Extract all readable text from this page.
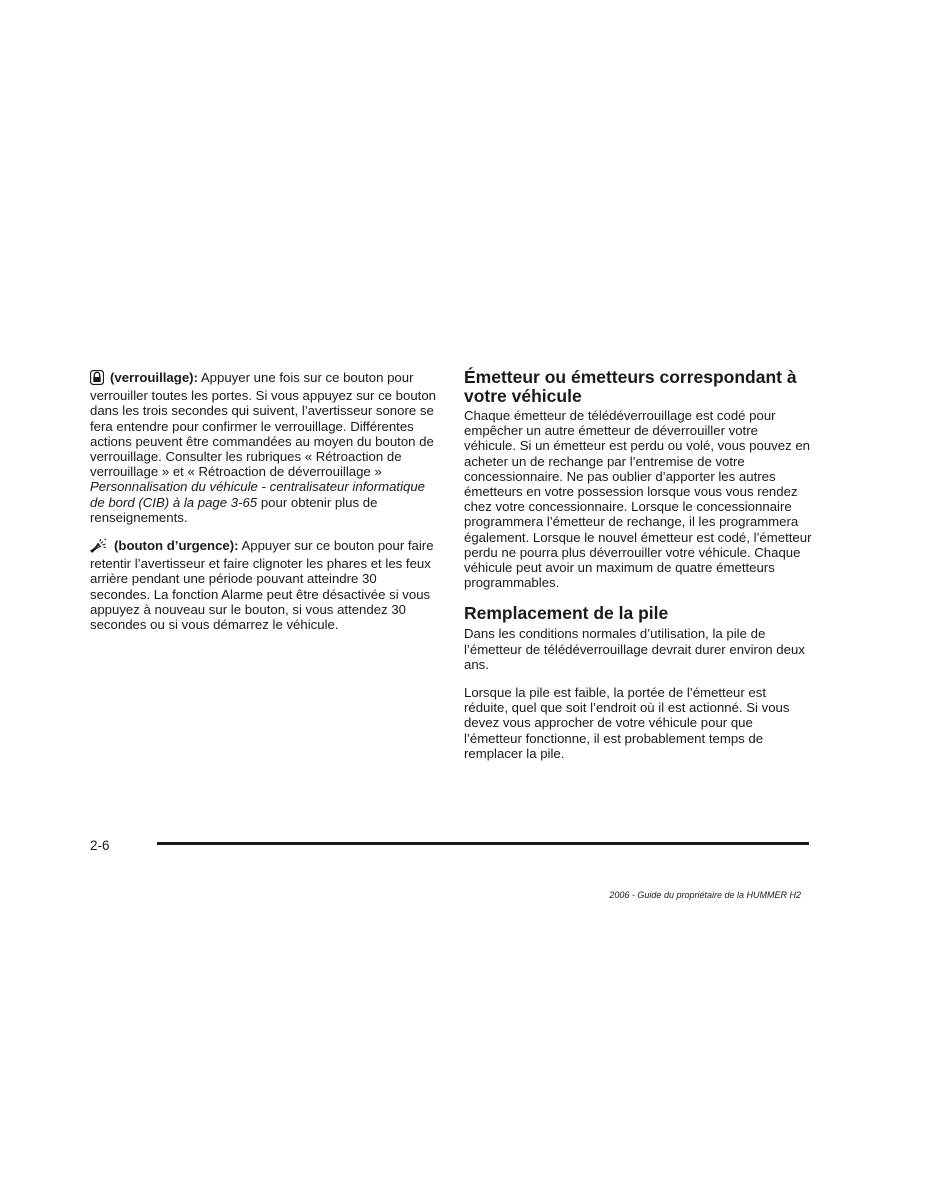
(verrouillage): Appuyer une fois sur ce bouton pour verrouiller toutes les portes. Si vous appuyez sur ce bouton dans les trois secondes qui suivent, l’avertisseur sonore se fera entendre pour confirmer le verrouillage. Différentes actions peuvent être commandées au moyen du bouton de verrouillage. Consulter les rubriques « Rétroaction de verrouillage » et « Rétroaction de déverrouillage » Personnalisation du véhicule - centralisateur informatique de bord (CIB) à la page 3-65 pour obtenir plus de renseignements.

(bouton d’urgence): Appuyer sur ce bouton pour faire retentir l’avertisseur et faire clignoter les phares et les feux arrière pendant une période pouvant atteindre 30 secondes. La fonction Alarme peut être désactivée si vous appuyez à nouveau sur le bouton, si vous attendez 30 secondes ou si vous démarrez le véhicule.

Émetteur ou émetteurs correspondant à votre véhicule

Chaque émetteur de télédéverrouillage est codé pour empêcher un autre émetteur de déverrouiller votre véhicule. Si un émetteur est perdu ou volé, vous pouvez en acheter un de rechange par l’entremise de votre concessionnaire. Ne pas oublier d’apporter les autres émetteurs en votre possession lorsque vous vous rendez chez votre concessionnaire. Lorsque le concessionnaire programmera l’émetteur de rechange, il les programmera également. Lorsque le nouvel émetteur est codé, l’émetteur perdu ne pourra plus déverrouiller votre véhicule. Chaque véhicule peut avoir un maximum de quatre émetteurs programmables.

Remplacement de la pile

Dans les conditions normales d’utilisation, la pile de l’émetteur de télédéverrouillage devrait durer environ deux ans.

Lorsque la pile est faible, la portée de l’émetteur est réduite, quel que soit l’endroit où il est actionné. Si vous devez vous approcher de votre véhicule pour que l’émetteur fonctionne, il est probablement temps de remplacer la pile.

2-6
2006 - Guide du propriétaire de la HUMMER H2
